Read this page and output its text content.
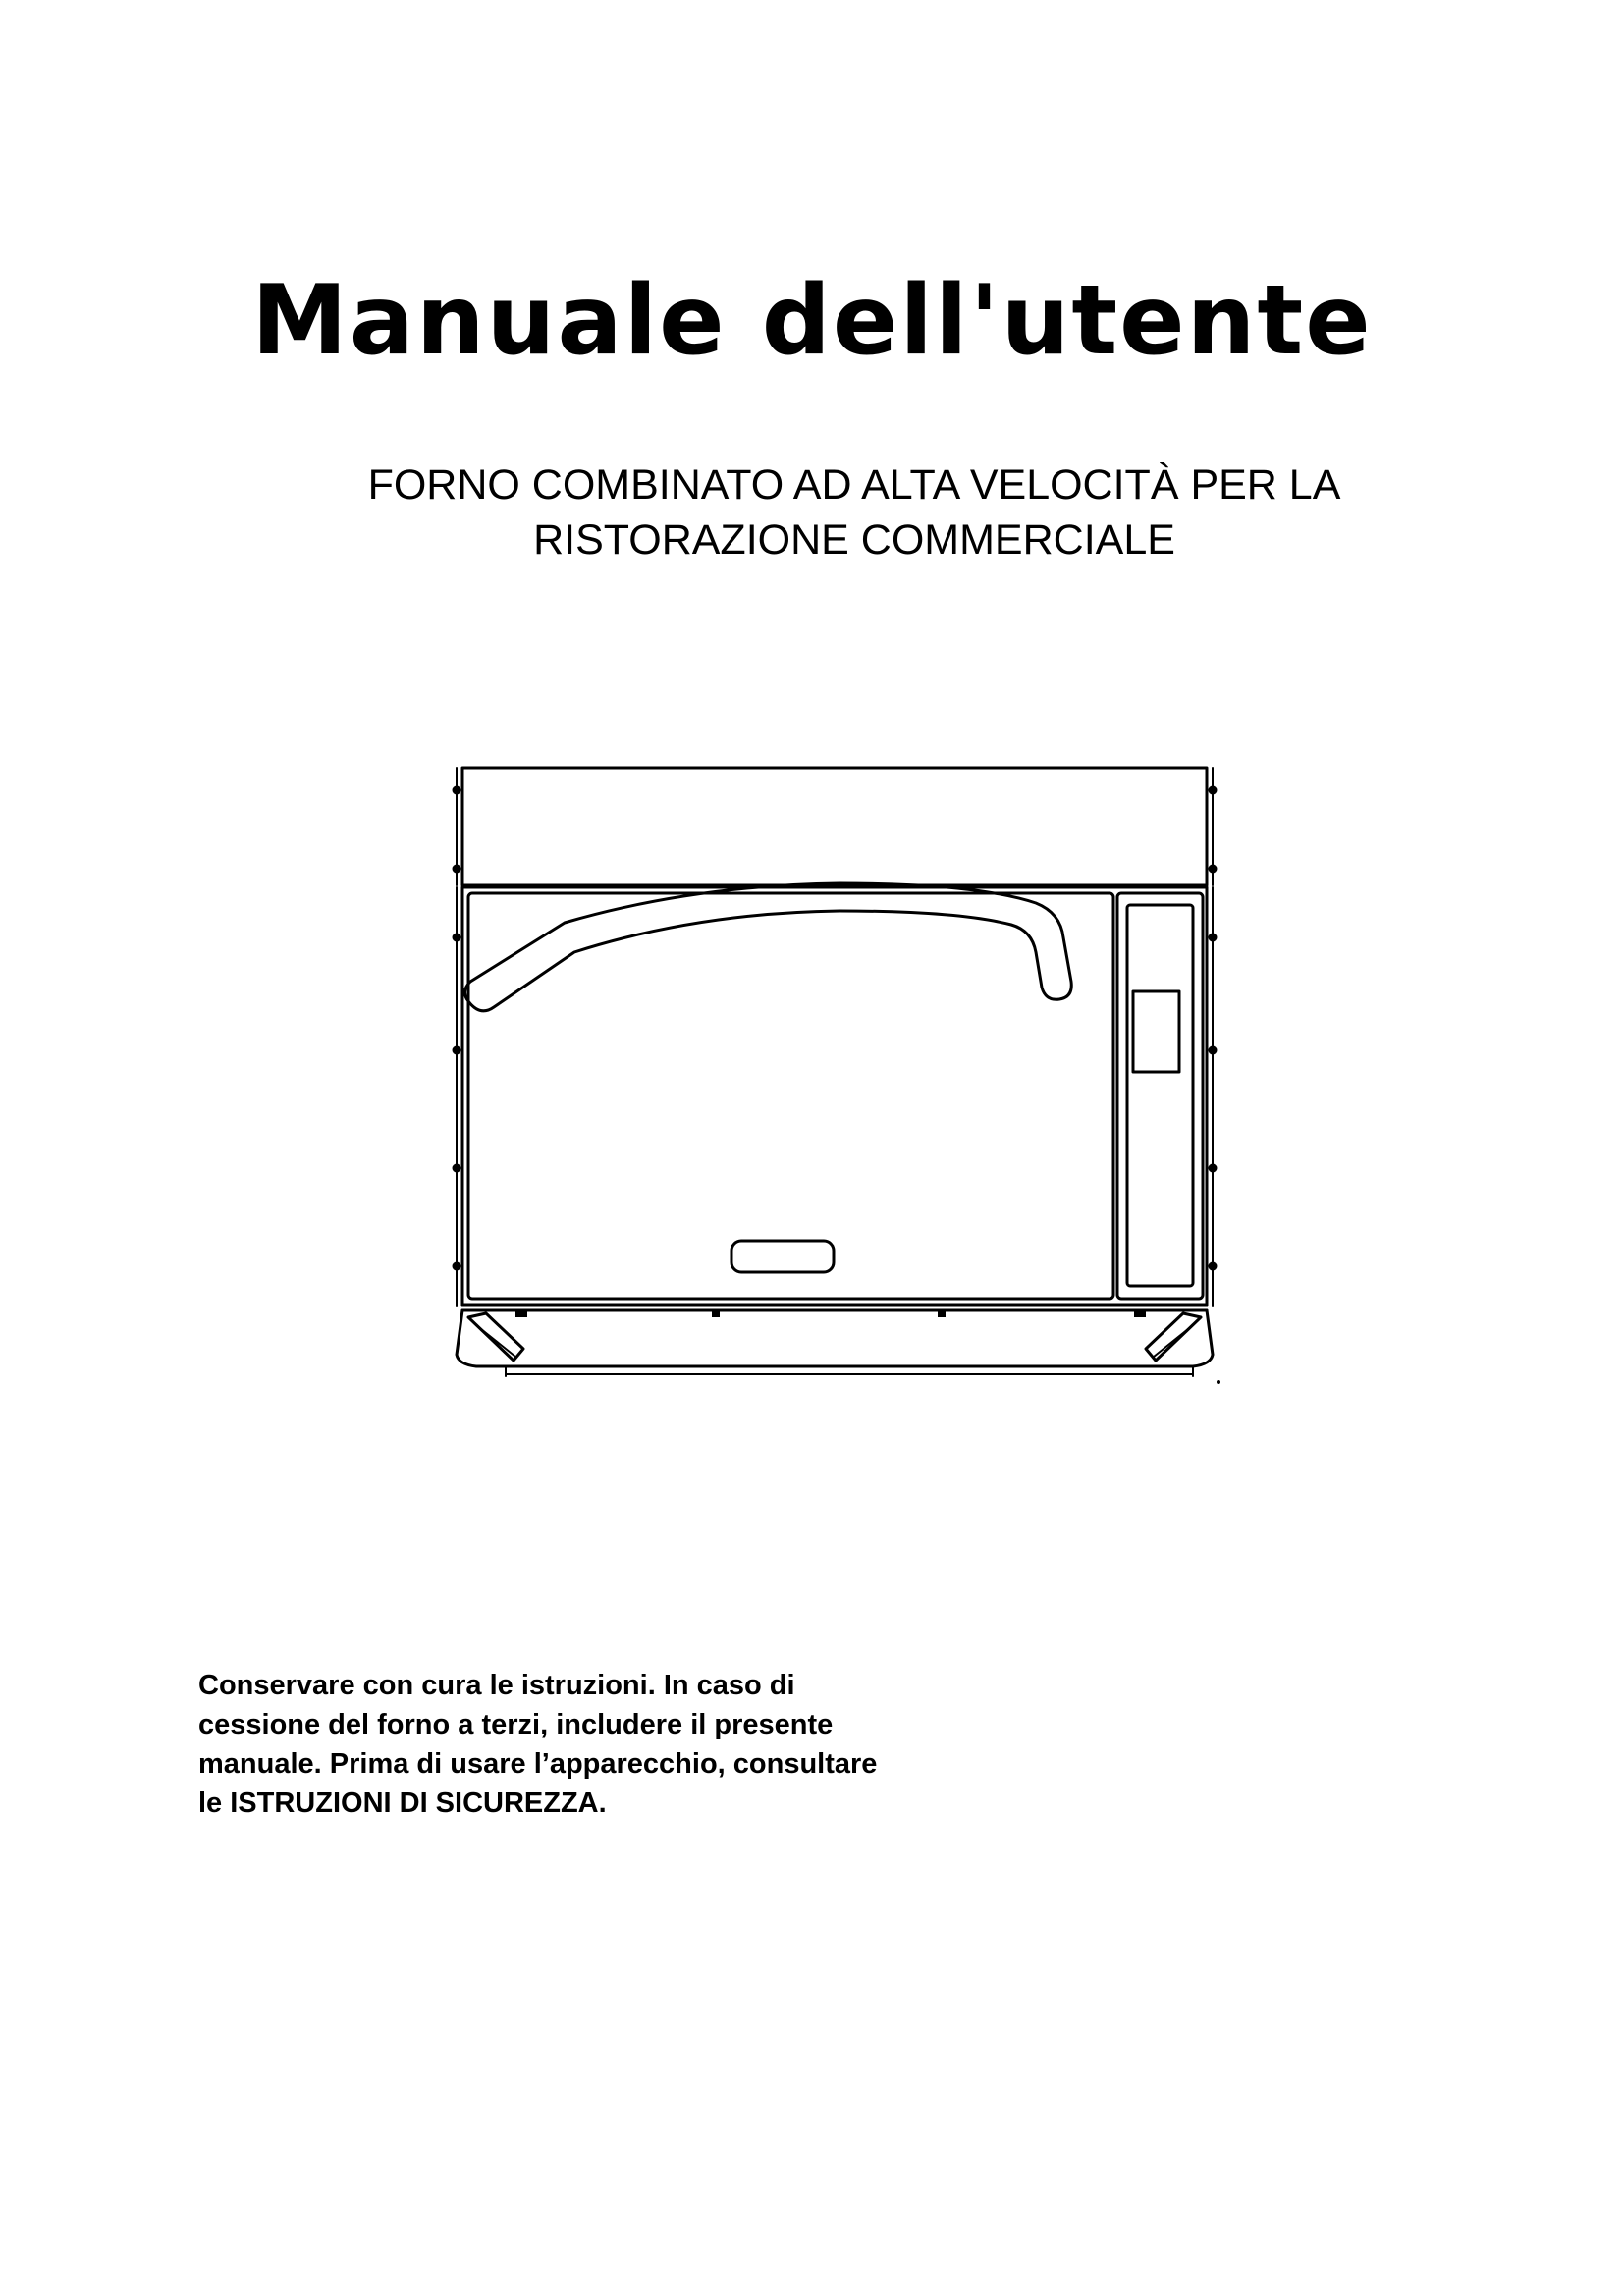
Manuale dell'utente
FORNO COMBINATO AD ALTA VELOCITÀ PER LA
RISTORAZIONE COMMERCIALE

Conservare con cura le istruzioni. In caso di
cessione del forno a terzi, includere il presente
manuale. Prima di usare l’apparecchio, consultare
le ISTRUZIONI DI SICUREZZA.
